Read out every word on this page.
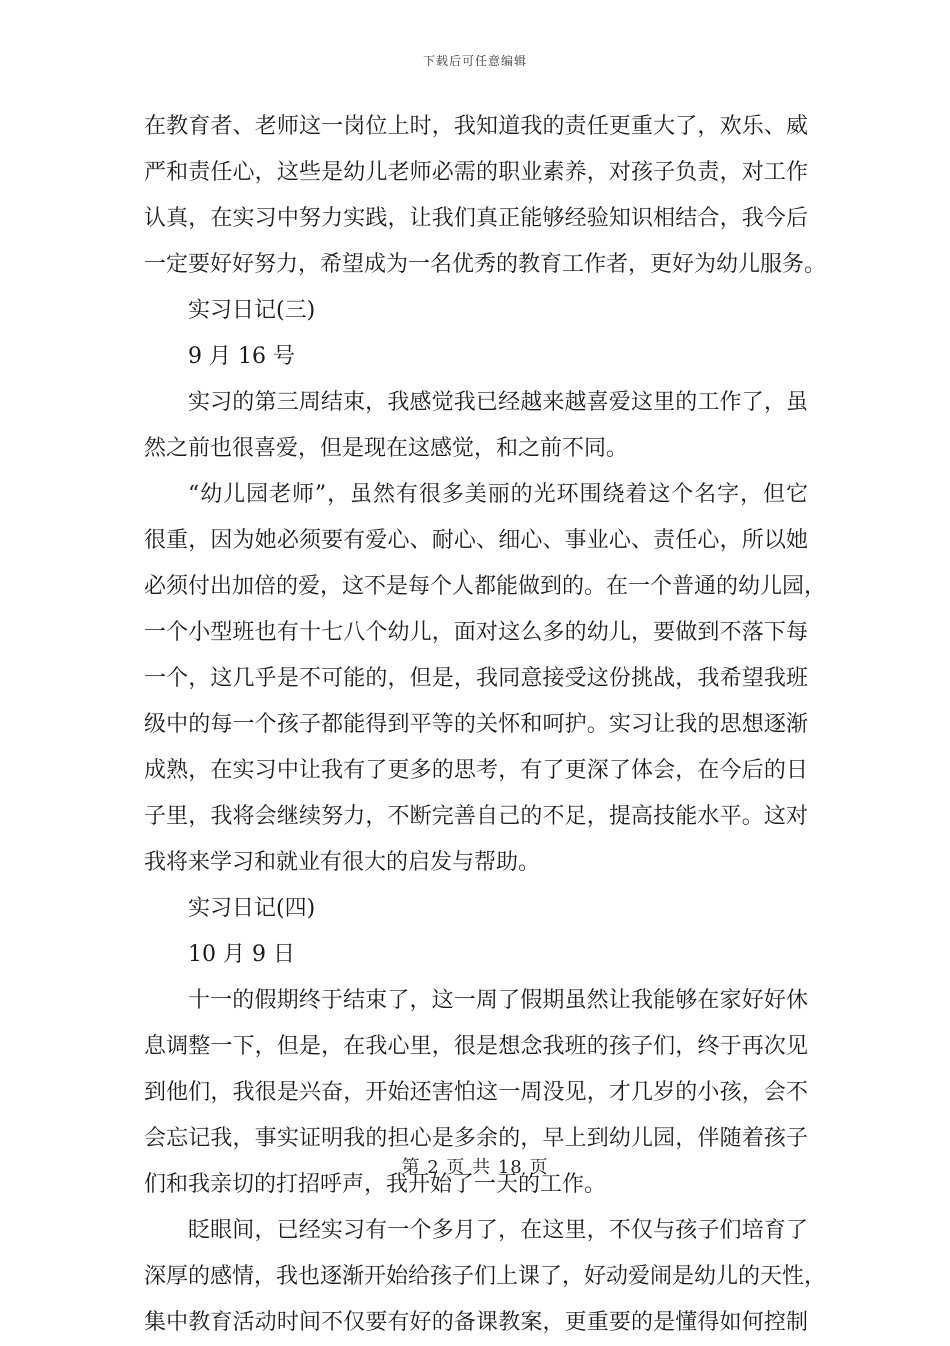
下载后可任意编辑
在教育者、老师这一岗位上时，我知道我的责任更重大了，欢乐、威
严和责任心，这些是幼儿老师必需的职业素养，对孩子负责，对工作
认真，在实习中努力实践，让我们真正能够经验知识相结合，我今后
一定要好好努力，希望成为一名优秀的教育工作者，更好为幼儿服务。
实习日记(三)
9 月 16 号
实习的第三周结束，我感觉我已经越来越喜爱这里的工作了，虽
然之前也很喜爱，但是现在这感觉，和之前不同。
“幼儿园老师”，虽然有很多美丽的光环围绕着这个名字，但它
很重，因为她必须要有爱心、耐心、细心、事业心、责任心，所以她
必须付出加倍的爱，这不是每个人都能做到的。在一个普通的幼儿园，
一个小型班也有十七八个幼儿，面对这么多的幼儿，要做到不落下每
一个，这几乎是不可能的，但是，我同意接受这份挑战，我希望我班
级中的每一个孩子都能得到平等的关怀和呵护。实习让我的思想逐渐
成熟，在实习中让我有了更多的思考，有了更深了体会，在今后的日
子里，我将会继续努力，不断完善自己的不足，提高技能水平。这对
我将来学习和就业有很大的启发与帮助。
实习日记(四)
10 月 9 日
十一的假期终于结束了，这一周了假期虽然让我能够在家好好休
息调整一下，但是，在我心里，很是想念我班的孩子们，终于再次见
到他们，我很是兴奋，开始还害怕这一周没见，才几岁的小孩，会不
会忘记我，事实证明我的担心是多余的，早上到幼儿园，伴随着孩子
们和我亲切的打招呼声，我开始了一天的工作。
眨眼间，已经实习有一个多月了，在这里，不仅与孩子们培育了
深厚的感情，我也逐渐开始给孩子们上课了，好动爱闹是幼儿的天性，
集中教育活动时间不仅要有好的备课教案，更重要的是懂得如何控制
第 2 页 共 18 页
